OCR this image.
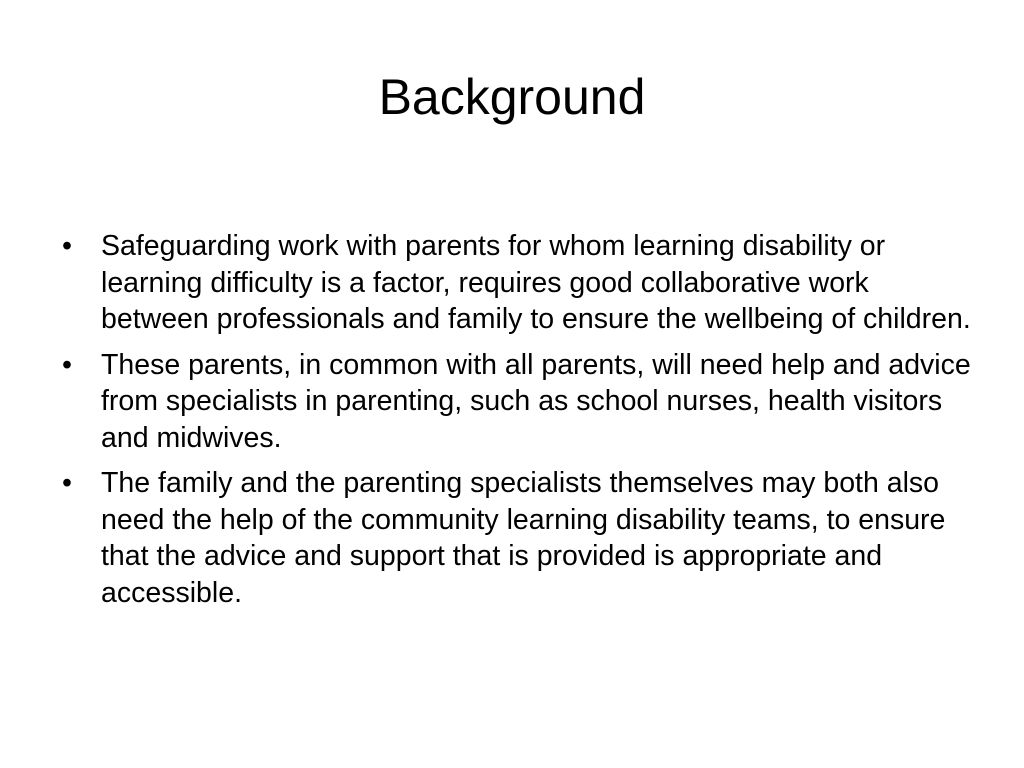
Background
•	Safeguarding work with parents for whom learning disability or learning difficulty is a factor, requires good collaborative work between professionals and family to ensure the wellbeing of children.
•	These parents, in common with all parents, will need help and advice from specialists in parenting, such as school nurses, health visitors and midwives.
•	The family and the parenting specialists themselves may both also need the help of the community learning disability teams, to ensure that the advice and support that is provided is appropriate and accessible.
